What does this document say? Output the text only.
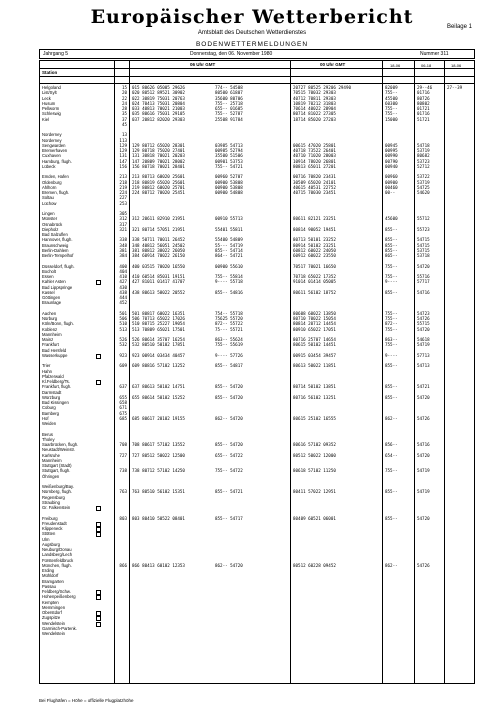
Europäischer Wetterbericht	Beilage 1
Amtsblatt des Deutschen Wetterdienstes
BODENWETTERMELDUNGEN
Jahrgang 5	Donnerstag, den 06. November 1980	Nummer 311
Station
06 Uhr GMT	00 Uhr GMT	18-06	06-18	18-06
Helgoland	15 015 80626 05005 29626	774-- 54508	20727 80525 29206 29490	82009	29--46	27--39
List/Sylt	20 020 80512 89521 30902	80500 61807	70515 70032 29303	755--	01716
Leck	22 022 30819 75031 20763	35600 80706	40712 70811 29303	45500	80726
Husum	24 024 70413 75031 20804	755-- 25718	10819 70212 31803	60300	80802
Pellworm	28 033 40813 70021 21003	655-- 01605	70614 40022 28904	755--	01721
Schleswig	35 035 80616 75031 29105	755-- 52787	80714 81022 27305	755--	01716
Kiel	37 037 20812 82020 29303	25508 91784	18714 85020 27203	15000	51721
45
Norderney	13
Norderney	113
Sengwarden	129 129 80712 65020 28301	03985 54713	00615 47020 25801	00945	54718
Bremerhaven	129 129 80718 75020 27401	00985 52794	40718 73522 26401	00995	53719
Cuxhaven	131 131 30818 70021 20203	35500 51506	40710 71020 28003	00990	80682
Hamburg, flugh.	147 147 20809 70021 28002	00901 53753	10914 78020 26801	00790	53723
Lübeck	156 156 80718 70021 28401	755-- 54721	80813 65011 27201	00940	52712
Emden, Hafen	213 213 80713 60020 25601	00960 52707	00716 70820 23431	00960	53722
Oldenburg	218 218 80819 65020 25601	00900 53808	30509 65020 24101	00900	53719
Ahlhorn	219 219 80812 60020 25701	00900 53808	40615 40531 22752	00460	54725
Bremen, flugh.	224 224 80712 70020 25451	00900 54808	40715 70030 23451	00--	54620
Soltau	227
Lüchow	253
Lingen	305
Münster	312 312 20611 82910 21951	00910 55713	80611 82121 23251	45600	55712
Osnabrück	317
Diepholz	321 321 80714 57051 21951	55401 55811	80814 90052 19451	855--	55723
Bad Salzuflen
Hannover, flugh.	338 338 50711 70011 26452	55400 54809	80713 50101 23252	855--	54715
Braunschweig	348 348 40812 56051 24502	55--- 54719	80914 50102 23251	855--	54715
Berlin-Dahlem	381 381 80812 38022 26050	855-- 54714	60812 60022 24050	855--	53715
Berlin-Tempelhof	384 384 60914 70022 26150	864-- 54721	60912 60022 23550	865--	53718
Düsseldorf, flugh.	400 400 03515 70020 16550	00900 55610	70517 70021 16650	755--	54720
Bocholt	404
Essen	410 410 60514 85031 19151	755-- 55814	70718 65022 17352	755--	55716
Kahler Asten	427 427 81011 01417 41707	9---- 55718	91014 01414 05005	9----	57717
Bad Lippspringe	430
Kassel	438 438 80613 58022 20552	855-- 54816	80611 56102 18752	855--	54716
Göttingen	444
Braunlage	452
Aachen	501 501 80817 60022 16351	754-- 55718	80608 60022 13850	755--	54723
Nürburg	506 506 70713 65022 17026	75625 55720	80710 70022 15054	755--	54726
Köln/Bonn, flugh.	510 510 80715 25227 19054	872-- 55722	80814 20712 14454	872--	55715
Koblenz	513 513 70809 65021 17501	75--- 55721	80910 65022 17051	755--	54720
Mannheim
Mainz	526 526 80614 35707 16254	863-- 55624	80716 25707 14654	863--	54618
Frankfurt	532 532 80510 50102 17851	755-- 55619	80615 50102 14451	755--	54719
Bad Hersfeld
Wasserkuppe	923 923 00914 03434 40457	9---- 57726	00915 03454 39457	9----	57713
Trier	609 609 80816 57102 13252	855-- 54817	80613 50022 11851	855--	54713
Hahn
Pfalzerwald
Kl.Feldberg/Ts.
Frankfurt, flugh.	637 637 80613 50102 14751	855-- 54720	80714 50102 13851	855--	54721
Darmstadt
Würzburg	655 655 80614 50102 15252	855-- 54720	80716 56102 13251	855--	54720
Bad Kissingen	658
Coburg	671
Bamberg	675
Hof	685 685 80617 20102 19155	862-- 54720	80615 25102 16555	862--	54726
Weiden
Berus
Tholey
Saarbrücken, flugh.	708 708 80617 57102 13552	855-- 54720	80616 57102 09352	856--	54716
Neustadt/Weinstr.
Karlsruhe	727 727 80512 50022 12500	655-- 54722	80512 50022 12000	654--	54720
Mannheim
Stuttgart (Stadt)
Stuttgart, flugh.	738 738 80712 57102 14250	755-- 54722	80618 57102 11250	755--	54719
Öhringen
Weißenburg/Bay.
Nürnberg, flugh.	763 763 80510 56102 15351	855-- 54721	80411 57022 12951	855--	54719
Regensburg
Straubing
Gr. Falkenstein
Freiburg	803 803 80410 50522 08401	855-- 54717	80409 60521 06001	855--	54720
Freudenstadt
Klippeneck
Stötten
Ulm
Augsburg
Neuburg/Donau
Landsberg/Lech
Fürstenfeldbruck
München, flugh.	866 866 80413 60102 12353	862-- 54720	80512 60228 09452	862--	54726
Erding
Mühldorf
Bramgarten
Passau
Feldberg/Schw.
Hohenpeißenberg
Kempten
Memmingen
Oberstdorf
Zugspitze
Wendelstein
Garmisch-Partenk.
Wendelstein
Bei Flughäfen = Höhe = offizielle Flugplatzhöhe
